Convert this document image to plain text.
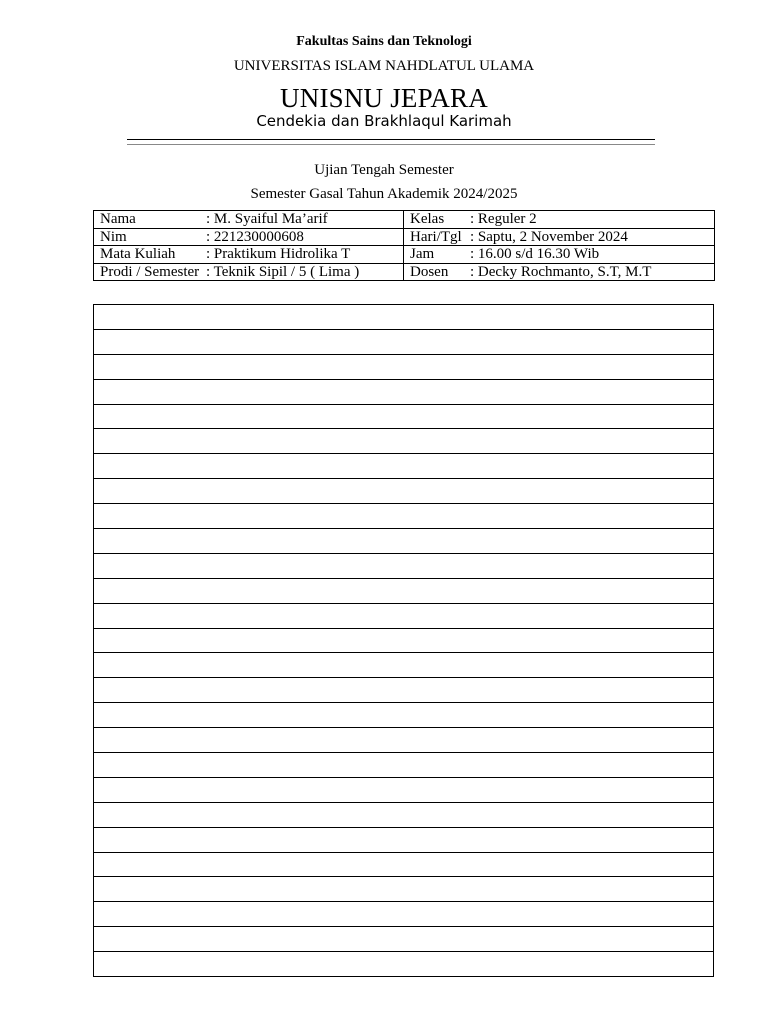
Fakultas Sains dan Teknologi
UNIVERSITAS ISLAM NAHDLATUL ULAMA
UNISNU JEPARA
Cendekia dan Brakhlaqul Karimah
Ujian Tengah Semester
Semester Gasal Tahun Akademik 2024/2025
Nama : M. Syaiful Ma’arif	Kelas : Reguler 2
Nim : 221230000608	Hari/Tgl : Saptu, 2 November 2024
Mata Kuliah : Praktikum Hidrolika T	Jam : 16.00 s/d 16.30 Wib
Prodi / Semester : Teknik Sipil / 5 ( Lima )	Dosen : Decky Rochmanto, S.T, M.T
